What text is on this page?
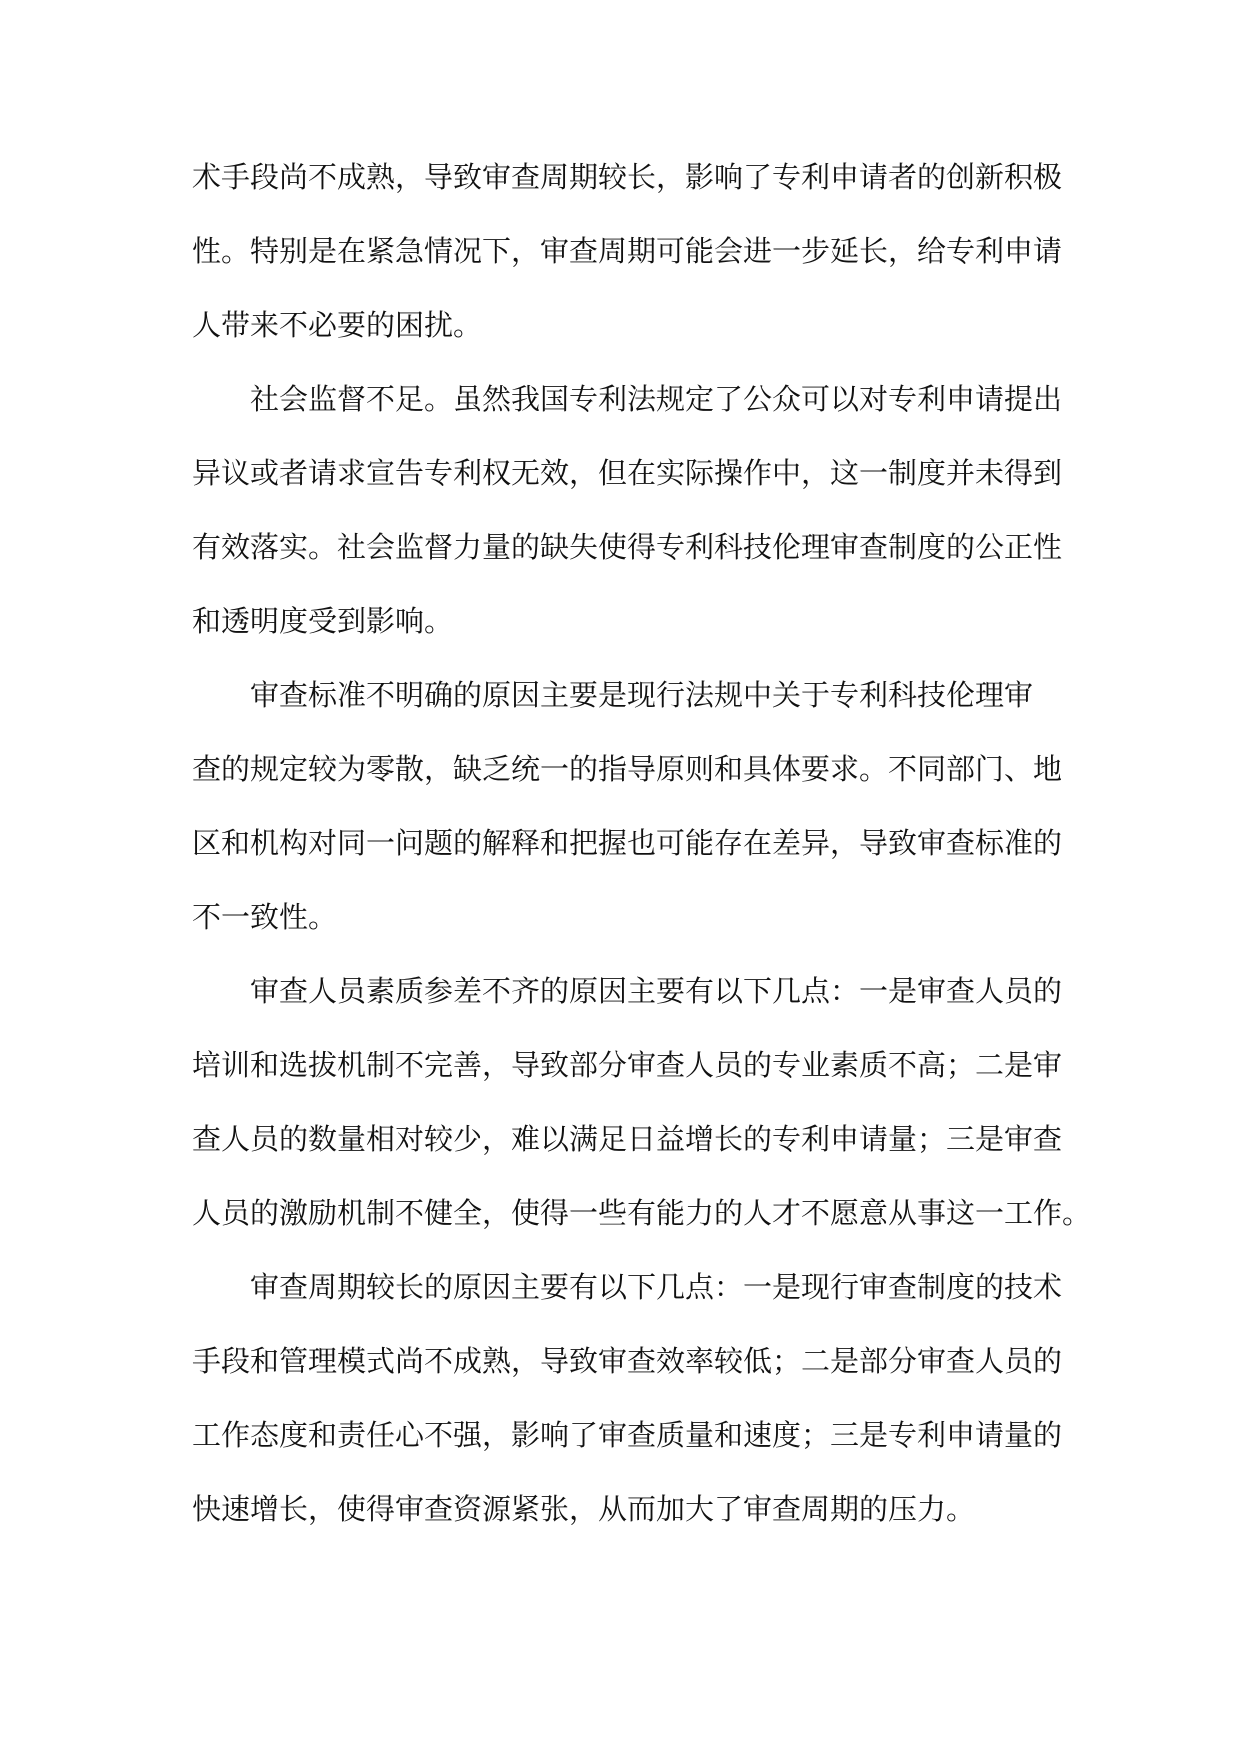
术手段尚不成熟，导致审查周期较长，影响了专利申请者的创新积极
性。特别是在紧急情况下，审查周期可能会进一步延长，给专利申请
人带来不必要的困扰。
社会监督不足。虽然我国专利法规定了公众可以对专利申请提出
异议或者请求宣告专利权无效，但在实际操作中，这一制度并未得到
有效落实。社会监督力量的缺失使得专利科技伦理审查制度的公正性
和透明度受到影响。
审查标准不明确的原因主要是现行法规中关于专利科技伦理审
查的规定较为零散，缺乏统一的指导原则和具体要求。不同部门、地
区和机构对同一问题的解释和把握也可能存在差异，导致审查标准的
不一致性。
审查人员素质参差不齐的原因主要有以下几点：一是审查人员的
培训和选拔机制不完善，导致部分审查人员的专业素质不高；二是审
查人员的数量相对较少，难以满足日益增长的专利申请量；三是审查
人员的激励机制不健全，使得一些有能力的人才不愿意从事这一工作。
审查周期较长的原因主要有以下几点：一是现行审查制度的技术
手段和管理模式尚不成熟，导致审查效率较低；二是部分审查人员的
工作态度和责任心不强，影响了审查质量和速度；三是专利申请量的
快速增长，使得审查资源紧张，从而加大了审查周期的压力。
